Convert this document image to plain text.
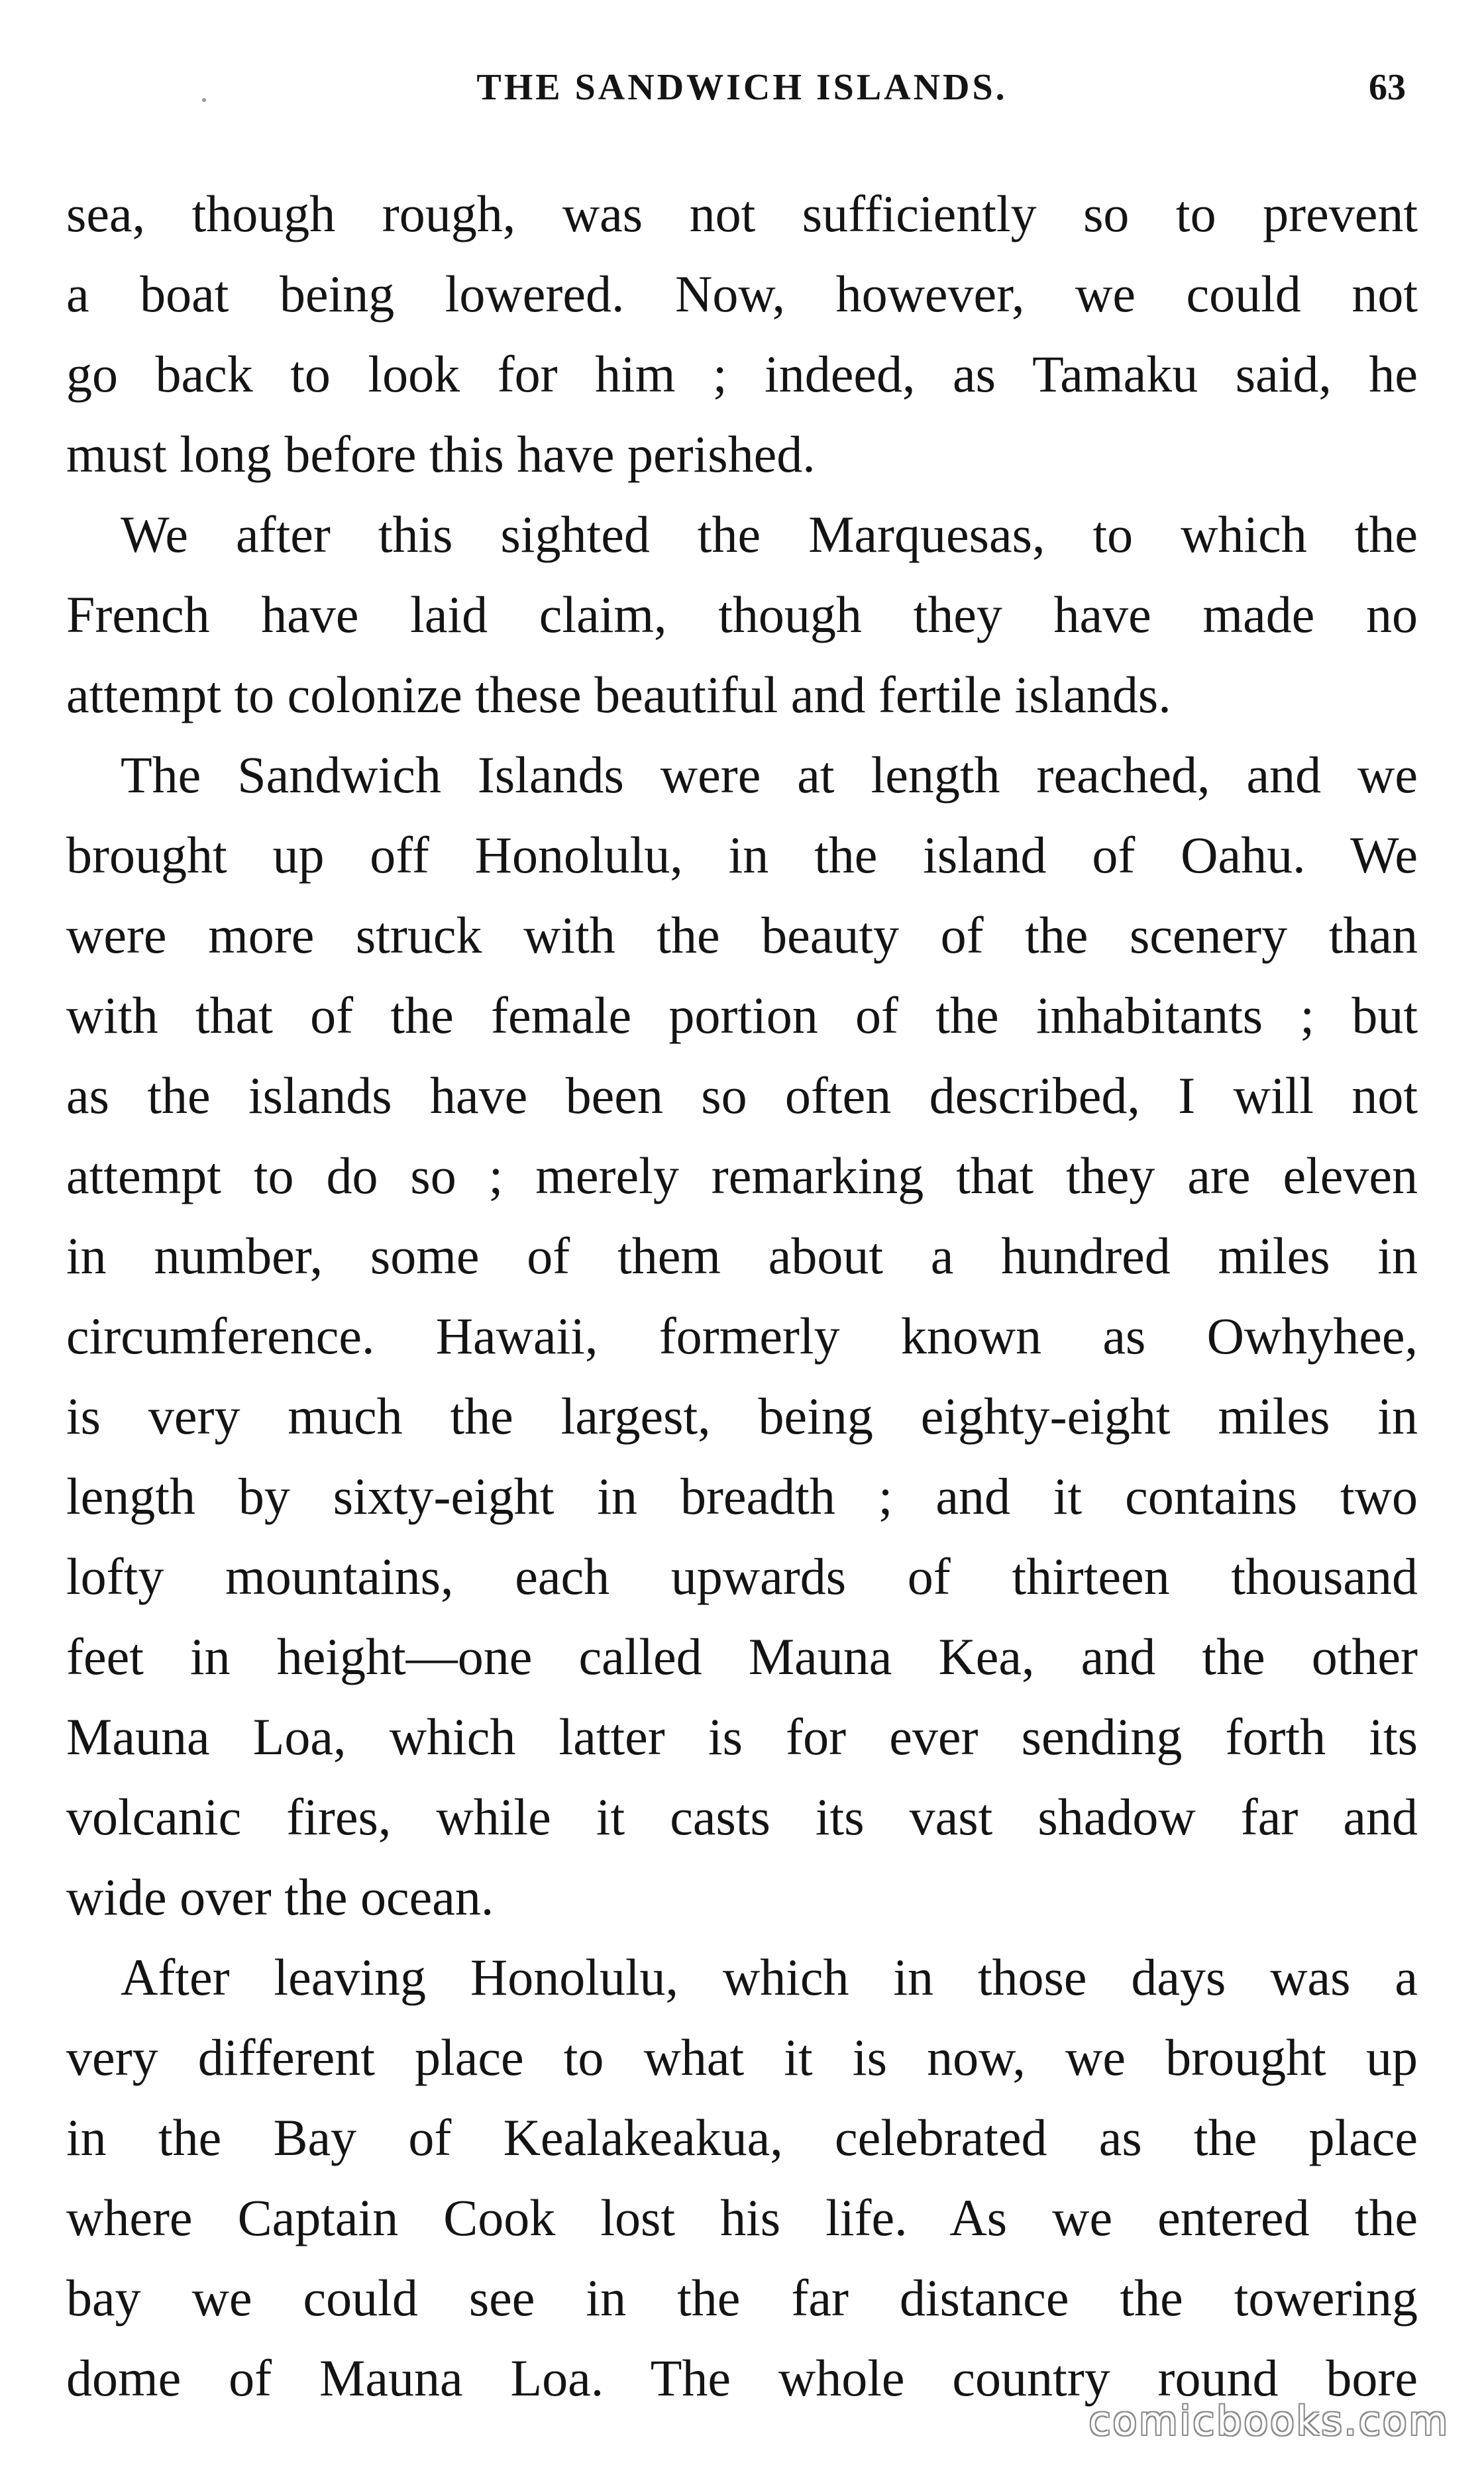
THE SANDWICH ISLANDS.	63
sea, though rough, was not sufficiently so to prevent
a boat being lowered. Now, however, we could not
go back to look for him ; indeed, as Tamaku said, he
must long before this have perished.
We after this sighted the Marquesas, to which the
French have laid claim, though they have made no
attempt to colonize these beautiful and fertile islands.
The Sandwich Islands were at length reached, and we
brought up off Honolulu, in the island of Oahu. We
were more struck with the beauty of the scenery than
with that of the female portion of the inhabitants ; but
as the islands have been so often described, I will not
attempt to do so ; merely remarking that they are eleven
in number, some of them about a hundred miles in
circumference. Hawaii, formerly known as Owhyhee,
is very much the largest, being eighty-eight miles in
length by sixty-eight in breadth ; and it contains two
lofty mountains, each upwards of thirteen thousand
feet in height—one called Mauna Kea, and the other
Mauna Loa, which latter is for ever sending forth its
volcanic fires, while it casts its vast shadow far and
wide over the ocean.
After leaving Honolulu, which in those days was a
very different place to what it is now, we brought up
in the Bay of Kealakeakua, celebrated as the place
where Captain Cook lost his life. As we entered the
bay we could see in the far distance the towering
dome of Mauna Loa. The whole country round bore
comicbooks.com
